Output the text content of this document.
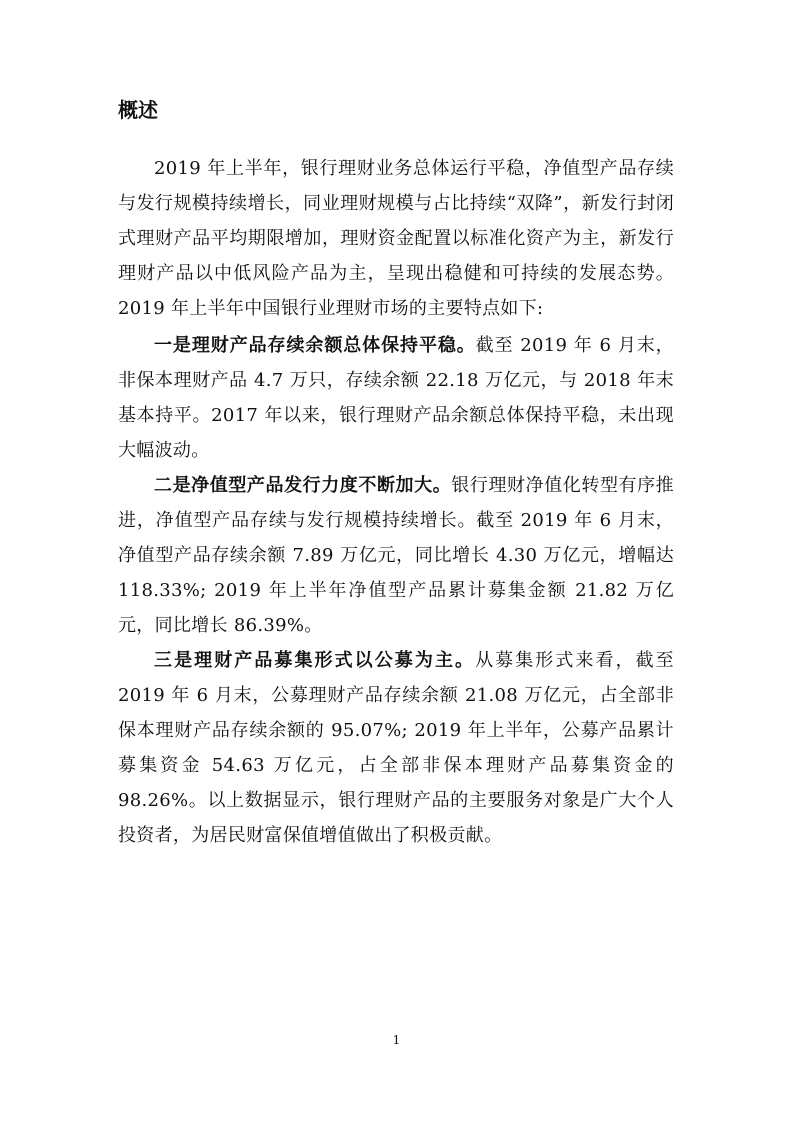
概述

2019 年上半年，银行理财业务总体运行平稳，净值型产品存续与发行规模持续增长，同业理财规模与占比持续“双降”，新发行封闭式理财产品平均期限增加，理财资金配置以标准化资产为主，新发行理财产品以中低风险产品为主，呈现出稳健和可持续的发展态势。2019 年上半年中国银行业理财市场的主要特点如下:

一是理财产品存续余额总体保持平稳。截至 2019 年 6 月末，非保本理财产品 4.7 万只，存续余额 22.18 万亿元，与 2018 年末基本持平。2017 年以来，银行理财产品余额总体保持平稳，未出现大幅波动。

二是净值型产品发行力度不断加大。银行理财净值化转型有序推进，净值型产品存续与发行规模持续增长。截至 2019 年 6 月末，净值型产品存续余额 7.89 万亿元，同比增长 4.30 万亿元，增幅达 118.33%; 2019 年上半年净值型产品累计募集金额 21.82 万亿元，同比增长 86.39%。

三是理财产品募集形式以公募为主。从募集形式来看，截至 2019 年 6 月末，公募理财产品存续余额 21.08 万亿元，占全部非保本理财产品存续余额的 95.07%; 2019 年上半年，公募产品累计募集资金 54.63 万亿元，占全部非保本理财产品募集资金的 98.26%。以上数据显示，银行理财产品的主要服务对象是广大个人投资者，为居民财富保值增值做出了积极贡献。

1
